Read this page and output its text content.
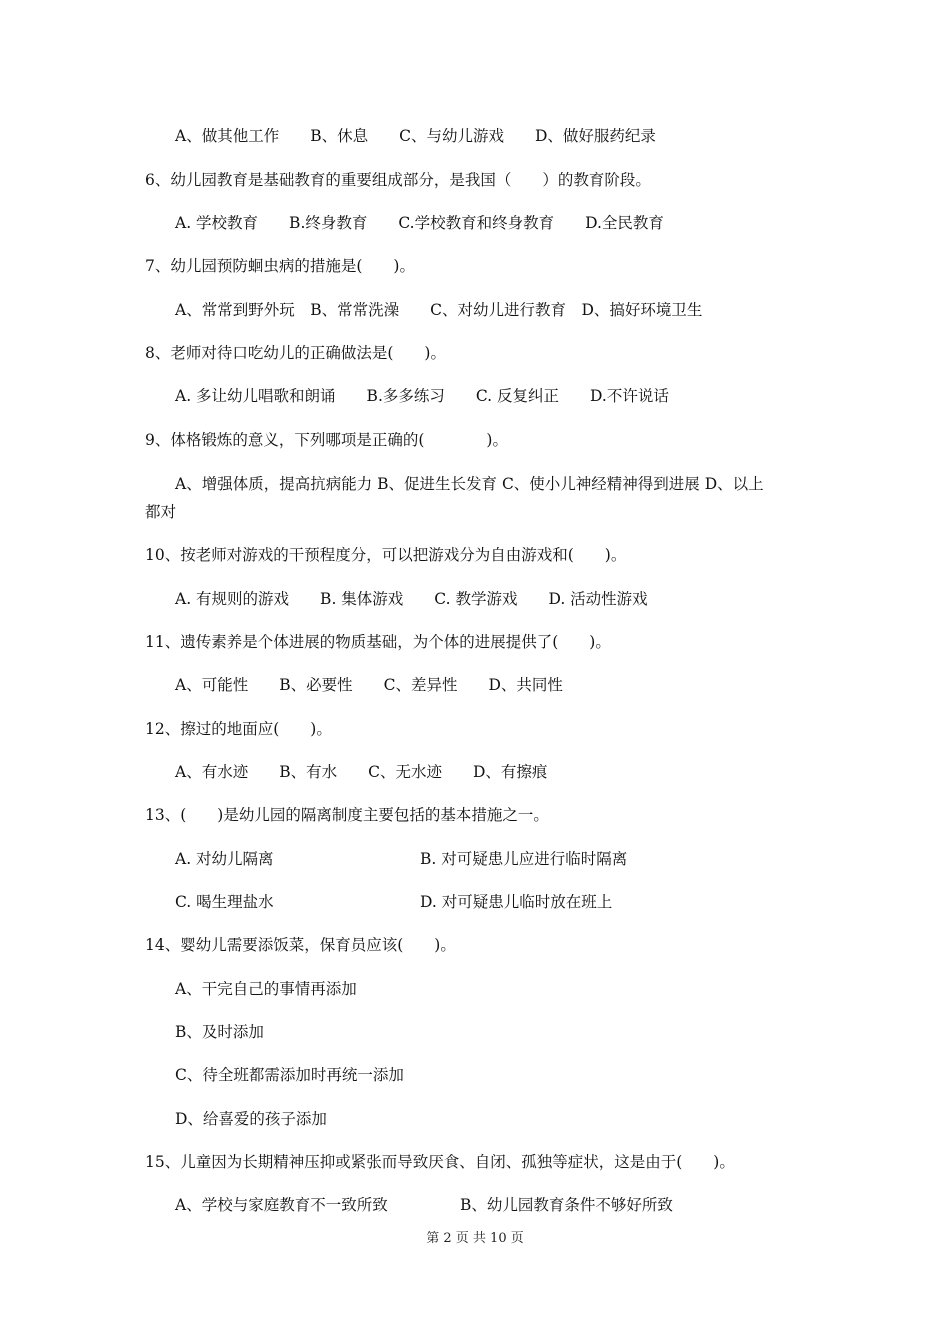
A、做其他工作　　B、休息　　C、与幼儿游戏　　D、做好服药纪录
6、幼儿园教育是基础教育的重要组成部分，是我国（　　）的教育阶段。
A. 学校教育　　B.终身教育　　C.学校教育和终身教育　　D.全民教育
7、幼儿园预防蛔虫病的措施是(　　)。
A、常常到野外玩　B、常常洗澡　　C、对幼儿进行教育　D、搞好环境卫生
8、老师对待口吃幼儿的正确做法是(　　)。
A. 多让幼儿唱歌和朗诵　　B.多多练习　　C. 反复纠正　　D.不许说话
9、体格锻炼的意义，下列哪项是正确的(　　　　)。
A、增强体质，提高抗病能力 B、促进生长发育 C、使小儿神经精神得到进展 D、以上
都对
10、按老师对游戏的干预程度分，可以把游戏分为自由游戏和(　　)。
A. 有规则的游戏　　B. 集体游戏　　C. 教学游戏　　D. 活动性游戏
11、遗传素养是个体进展的物质基础，为个体的进展提供了(　　)。
A、可能性　　B、必要性　　C、差异性　　D、共同性
12、擦过的地面应(　　)。
A、有水迹　　B、有水　　C、无水迹　　D、有擦痕
13、(　　)是幼儿园的隔离制度主要包括的基本措施之一。
A. 对幼儿隔离	B. 对可疑患儿应进行临时隔离
C. 喝生理盐水	D. 对可疑患儿临时放在班上
14、婴幼儿需要添饭菜，保育员应该(　　)。
A、干完自己的事情再添加
B、及时添加
C、待全班都需添加时再统一添加
D、给喜爱的孩子添加
15、儿童因为长期精神压抑或紧张而导致厌食、自闭、孤独等症状，这是由于(　　)。
A、学校与家庭教育不一致所致	B、幼儿园教育条件不够好所致
第 2 页 共 10 页
